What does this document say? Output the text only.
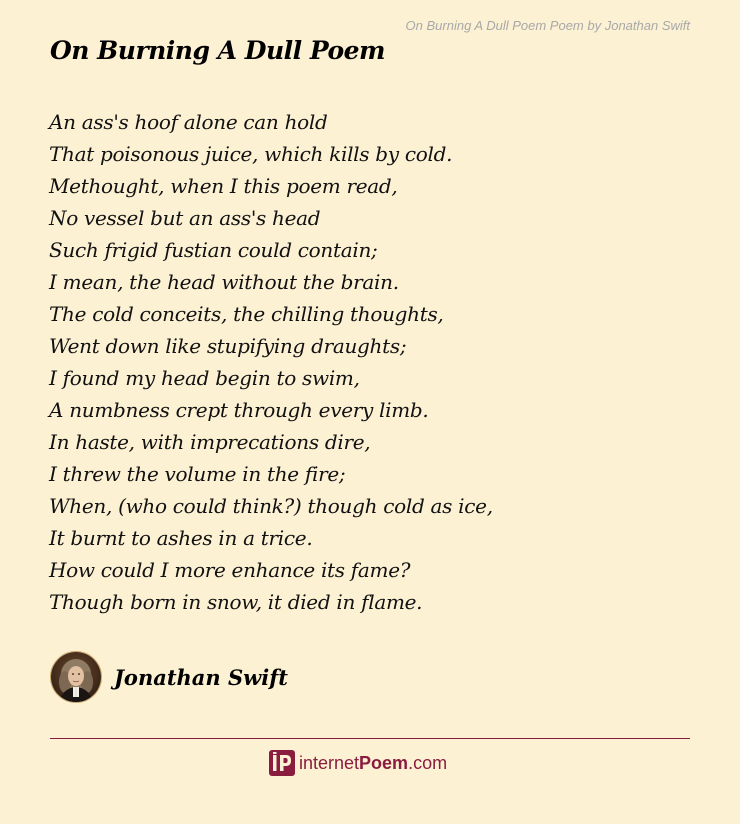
On Burning A Dull Poem Poem by Jonathan Swift
On Burning A Dull Poem
An ass's hoof alone can hold
That poisonous juice, which kills by cold.
Methought, when I this poem read,
No vessel but an ass's head
Such frigid fustian could contain;
I mean, the head without the brain.
The cold conceits, the chilling thoughts,
Went down like stupifying draughts;
I found my head begin to swim,
A numbness crept through every limb.
In haste, with imprecations dire,
I threw the volume in the fire;
When, (who could think?) though cold as ice,
It burnt to ashes in a trice.
How could I more enhance its fame?
Though born in snow, it died in flame.
Jonathan Swift
internetPoem.com
